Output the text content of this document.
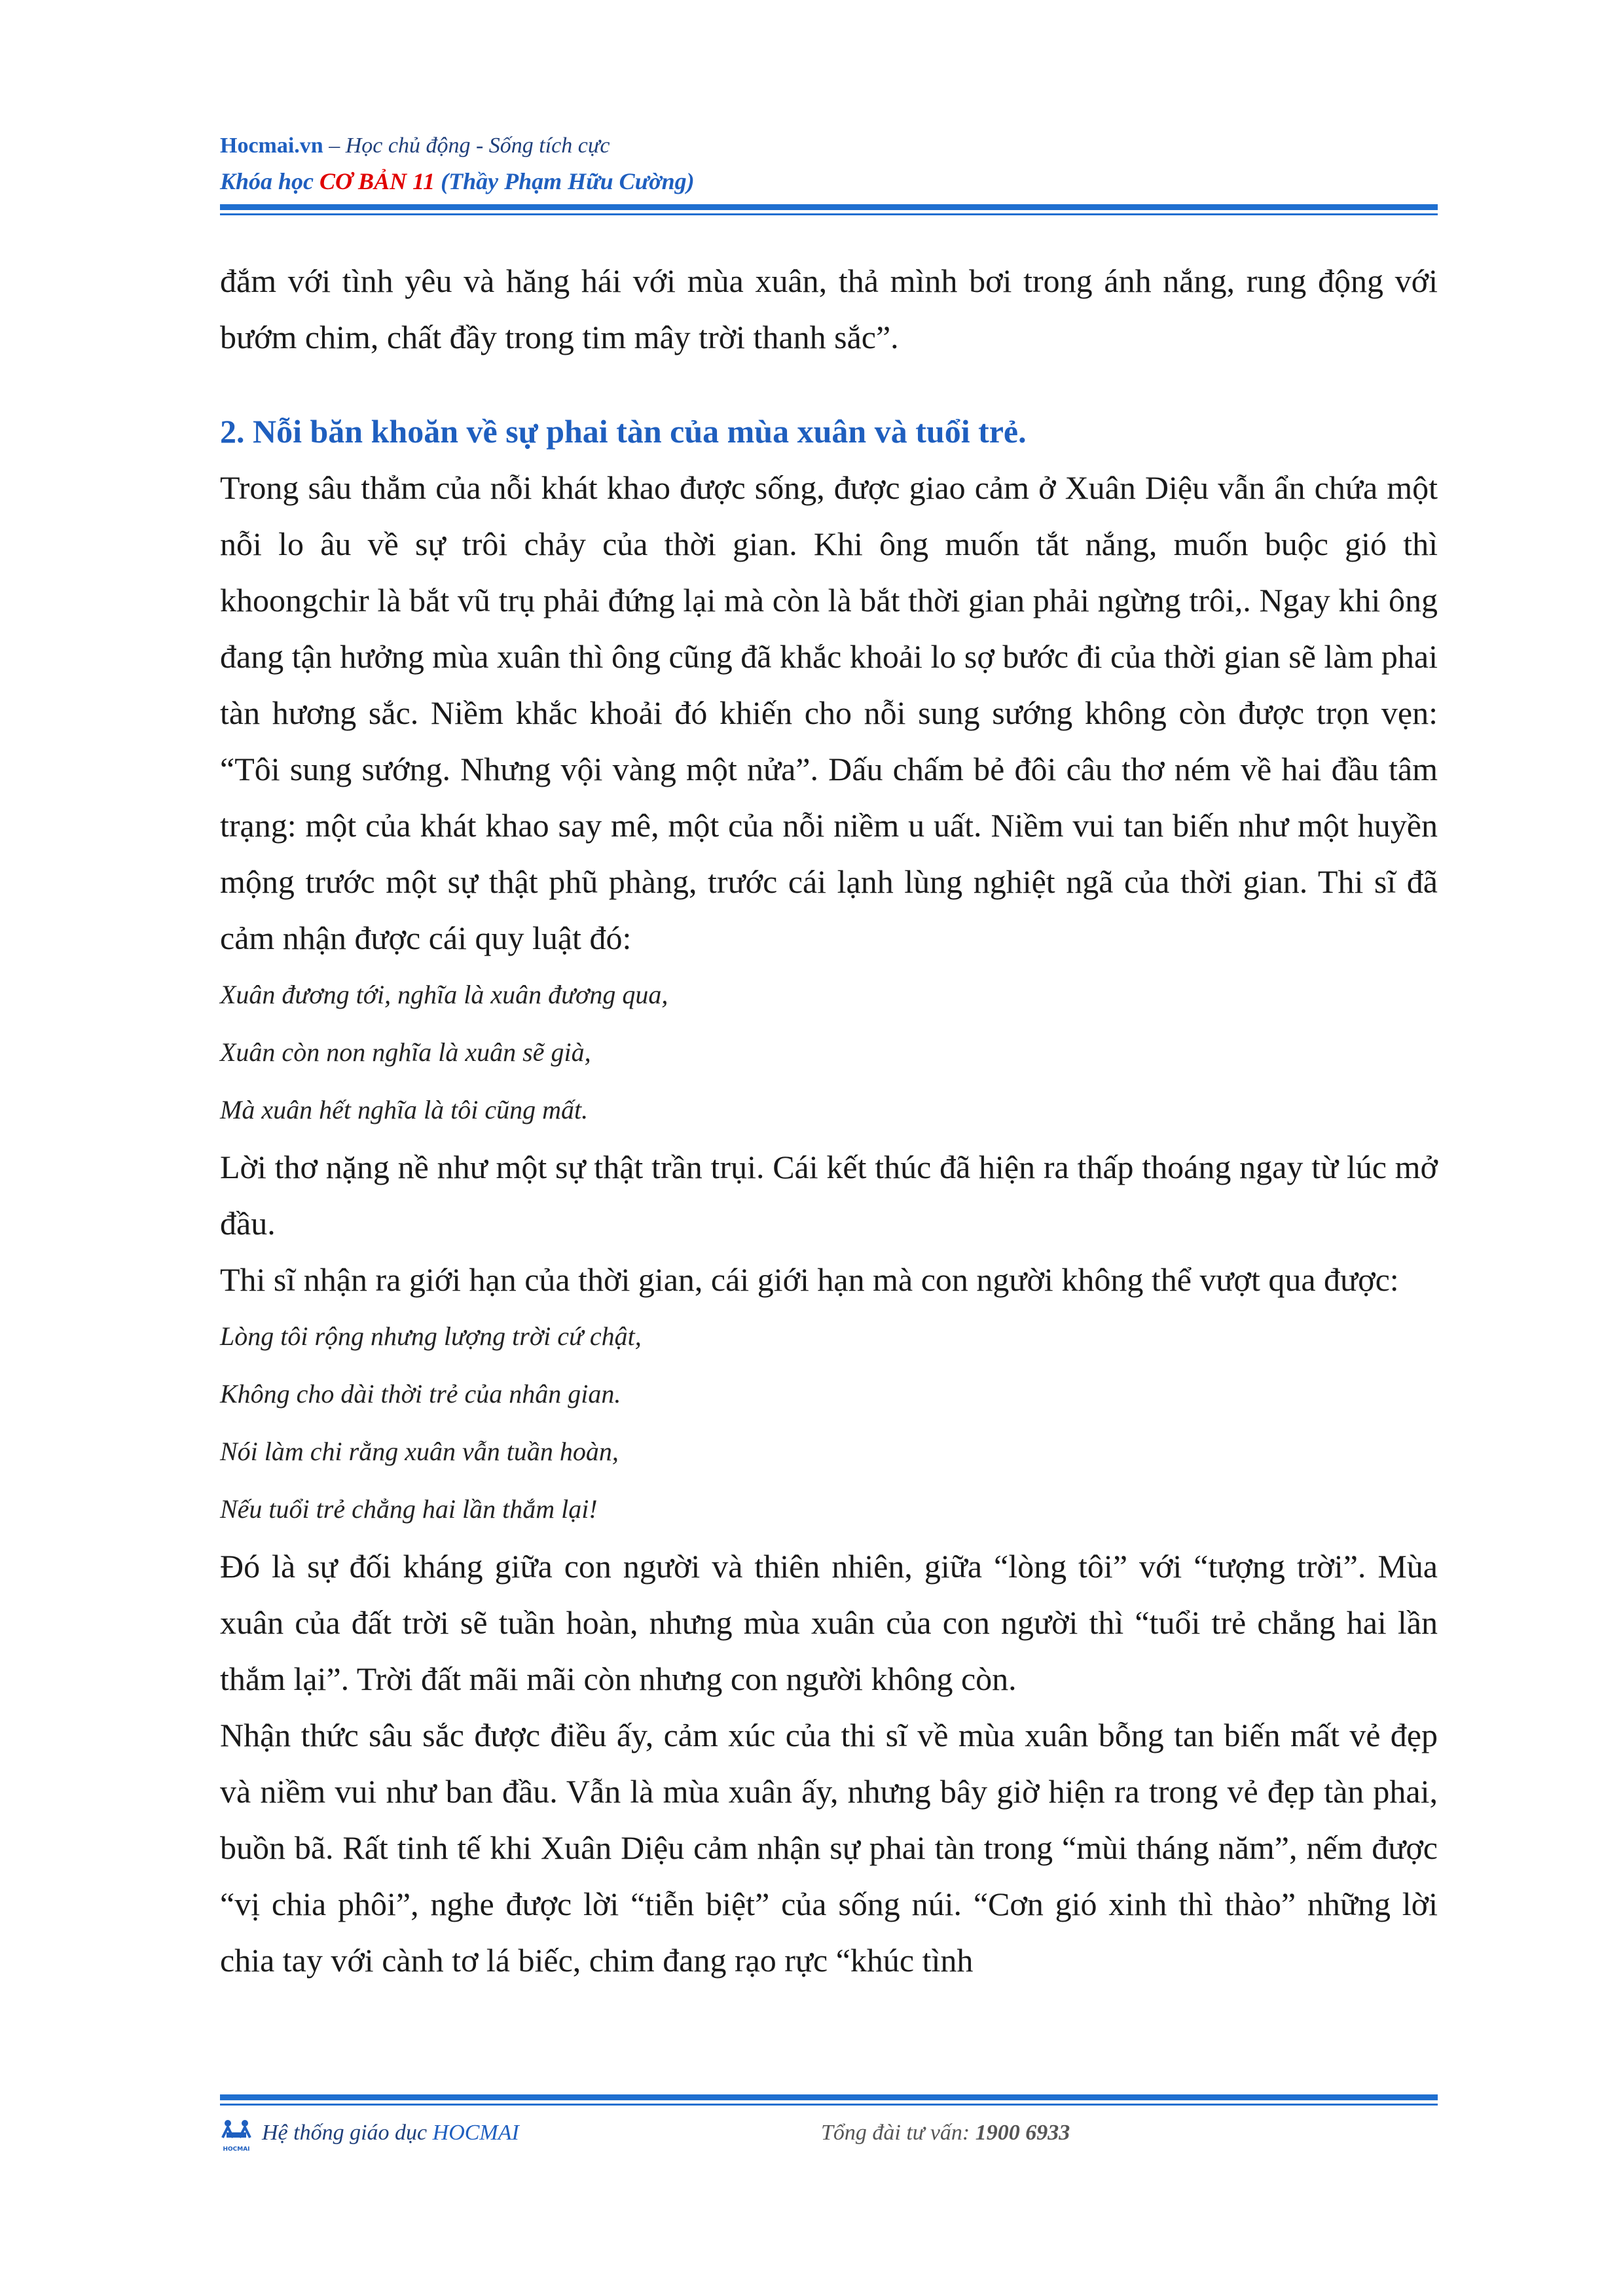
Hocmai.vn – Học chủ động - Sống tích cực
Khóa học CƠ BẢN 11 (Thầy Phạm Hữu Cường)

đắm với tình yêu và hăng hái với mùa xuân, thả mình bơi trong ánh nắng, rung động với bướm chim, chất đầy trong tim mây trời thanh sắc”.

2. Nỗi băn khoăn về sự phai tàn của mùa xuân và tuổi trẻ.

Trong sâu thẳm của nỗi khát khao được sống, được giao cảm ở Xuân Diệu vẫn ẩn chứa một nỗi lo âu về sự trôi chảy của thời gian. Khi ông muốn tắt nắng, muốn buộc gió thì khoongchir là bắt vũ trụ phải đứng lại mà còn là bắt thời gian phải ngừng trôi,. Ngay khi ông đang tận hưởng mùa xuân thì ông cũng đã khắc khoải lo sợ bước đi của thời gian sẽ làm phai tàn hương sắc. Niềm khắc khoải đó khiến cho nỗi sung sướng không còn được trọn vẹn: “Tôi sung sướng. Nhưng vội vàng một nửa”. Dấu chấm bẻ đôi câu thơ ném về hai đầu tâm trạng: một của khát khao say mê, một của nỗi niềm u uất. Niềm vui tan biến như một huyền mộng trước một sự thật phũ phàng, trước cái lạnh lùng nghiệt ngã của thời gian. Thi sĩ đã cảm nhận được cái quy luật đó:

Xuân đương tới, nghĩa là xuân đương qua,

Xuân còn non nghĩa là xuân sẽ già,

Mà xuân hết nghĩa là tôi cũng mất.

Lời thơ nặng nề như một sự thật trần trụi. Cái kết thúc đã hiện ra thấp thoáng ngay từ lúc mở đầu.

Thi sĩ nhận ra giới hạn của thời gian, cái giới hạn mà con người không thể vượt qua được:

Lòng tôi rộng nhưng lượng trời cứ chật,

Không cho dài thời trẻ của nhân gian.

Nói làm chi rằng xuân vẫn tuần hoàn,

Nếu tuổi trẻ chẳng hai lần thắm lại!

Đó là sự đối kháng giữa con người và thiên nhiên, giữa “lòng tôi” với “tượng trời”. Mùa xuân của đất trời sẽ tuần hoàn, nhưng mùa xuân của con người thì “tuổi trẻ chẳng hai lần thắm lại”. Trời đất mãi mãi còn nhưng con người không còn.

Nhận thức sâu sắc được điều ấy, cảm xúc của thi sĩ về mùa xuân bỗng tan biến mất vẻ đẹp và niềm vui như ban đầu. Vẫn là mùa xuân ấy, nhưng bây giờ hiện ra trong vẻ đẹp tàn phai, buồn bã. Rất tinh tế khi Xuân Diệu cảm nhận sự phai tàn trong “mùi tháng năm”, nếm được “vị chia phôi”, nghe được lời “tiễn biệt” của sống núi. “Cơn gió xinh thì thào” những lời chia tay với cành tơ lá biếc, chim đang rạo rực “khúc tình

HOCMAI
Hệ thống giáo dục HOCMAI	Tổng đài tư vấn: 1900 6933
